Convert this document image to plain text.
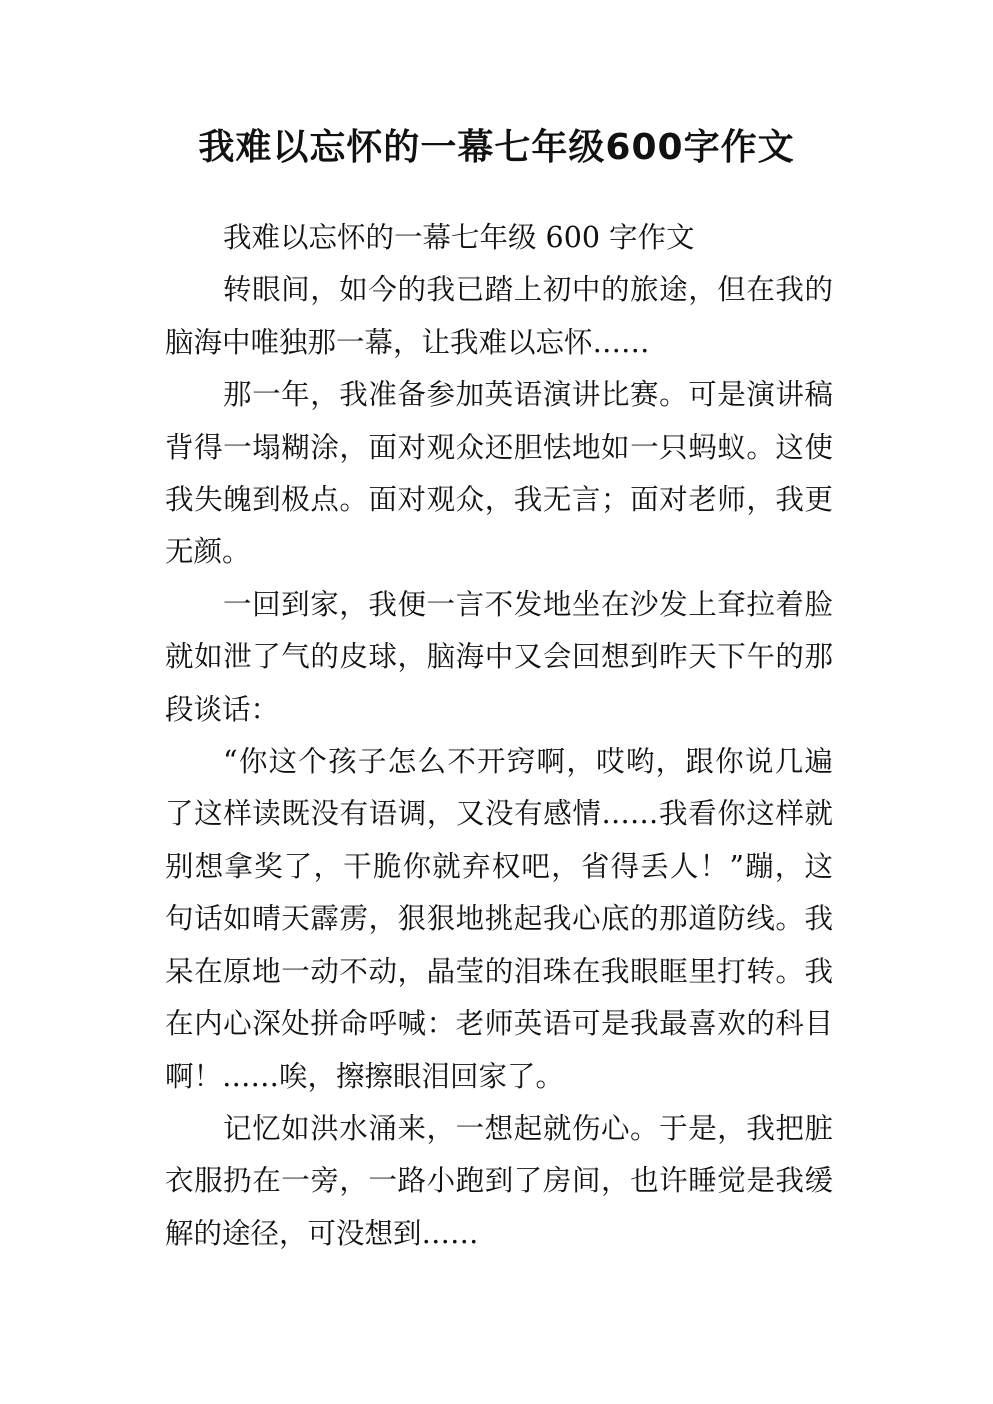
我难以忘怀的一幕七年级600字作文

我难以忘怀的一幕七年级 600 字作文

转眼间，如今的我已踏上初中的旅途，但在我的脑海中唯独那一幕，让我难以忘怀……

那一年，我准备参加英语演讲比赛。可是演讲稿背得一塌糊涂，面对观众还胆怯地如一只蚂蚁。这使我失魄到极点。面对观众，我无言；面对老师，我更无颜。

一回到家，我便一言不发地坐在沙发上耷拉着脸就如泄了气的皮球，脑海中又会回想到昨天下午的那段谈话：

“你这个孩子怎么不开窍啊，哎哟，跟你说几遍了这样读既没有语调，又没有感情……我看你这样就别想拿奖了，干脆你就弃权吧，省得丢人！”蹦，这句话如晴天霹雳，狠狠地挑起我心底的那道防线。我呆在原地一动不动，晶莹的泪珠在我眼眶里打转。我在内心深处拼命呼喊：老师英语可是我最喜欢的科目啊！……唉，擦擦眼泪回家了。

记忆如洪水涌来，一想起就伤心。于是，我把脏衣服扔在一旁，一路小跑到了房间，也许睡觉是我缓解的途径，可没想到……
